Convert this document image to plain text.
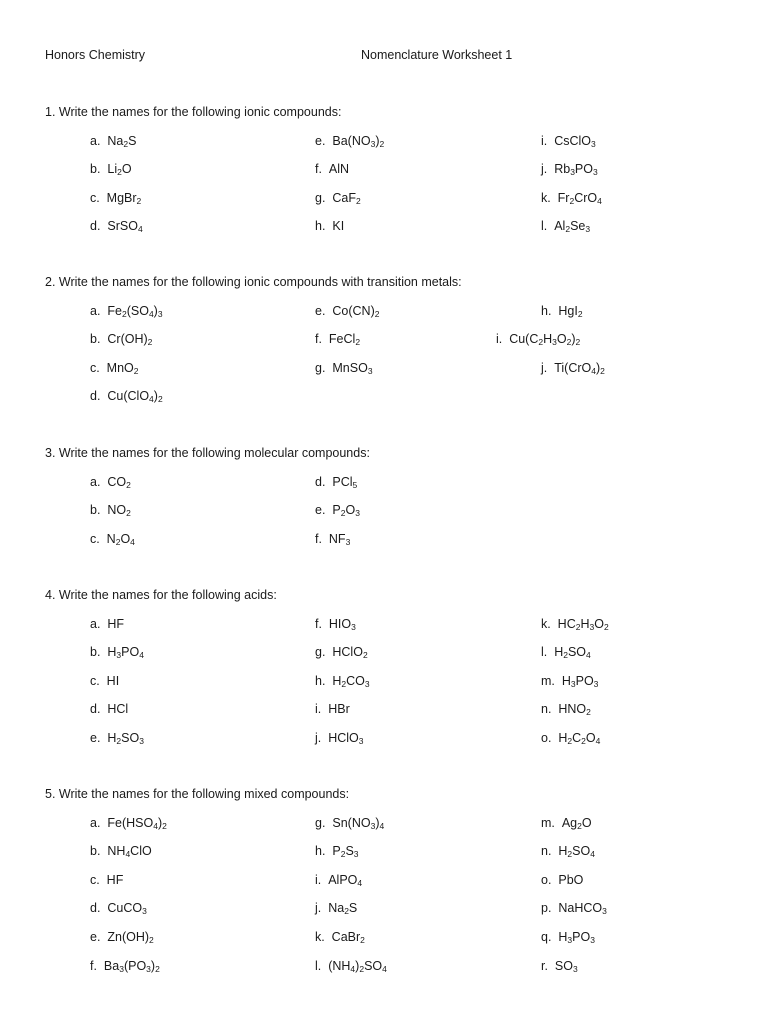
Honors Chemistry	Nomenclature Worksheet 1
1. Write the names for the following ionic compounds:
a.  $Na_2S$
b.  $Li_2O$
c.  MgBr$_2$
d.  SrSO$_4$
e.  $Ba(NO_3)_2$
f.  AlN
g.  CaF$_2$
h.  KI
i.  CsClO$_3$
j.  $Rb_3PO_3$
k.  $Fr_2CrO_4$
l.  $Al_2Se_3$
2. Write the names for the following ionic compounds with transition metals:
a.  $Fe_2(SO_4)_3$
b.  $Cr(OH)_2$
c.  MnO$_2$
d.  $Cu(ClO_4)_2$
e.  $Co(CN)_2$
f.  FeCl$_2$
g.  MnSO$_3$
h.  HgI$_2$
i.  $Cu(C_2H_3O_2)_2$
j.  $Ti(CrO_4)_2$
3. Write the names for the following molecular compounds:
a.  $CO_2$
b.  $NO_2$
c.  $N_2O_4$
d.  PCl$_5$
e.  $P_2O_3$
f.  $NF_3$
4. Write the names for the following acids:
a.  HF
b.  $H_3PO_4$
c.  HI
d.  HCl
e.  $H_2SO_3$
f.  $HIO_3$
g.  HClO$_2$
h.  $H_2CO_3$
i.  HBr
j.  HClO$_3$
k.  $HC_2H_3O_2$
l.  $H_2SO_4$
m.  $H_3PO_3$
n.  $HNO_2$
o.  $H_2C_2O_4$
5. Write the names for the following mixed compounds:
a.  $Fe(HSO_4)_2$
b.  $NH_4ClO$
c.  HF
d.  CuCO$_3$
e.  $Zn(OH)_2$
f.  $Ba_3(PO_3)_2$
g.  $Sn(NO_3)_4$
h.  $P_2S_3$
i.  AlPO$_4$
j.  $Na_2S$
k.  CaBr$_2$
l.  $(NH_4)_2SO_4$
m.  $Ag_2O$
n.  $H_2SO_4$
o.  PbO
p.  NaHCO$_3$
q.  $H_3PO_3$
r.  $SO_3$
